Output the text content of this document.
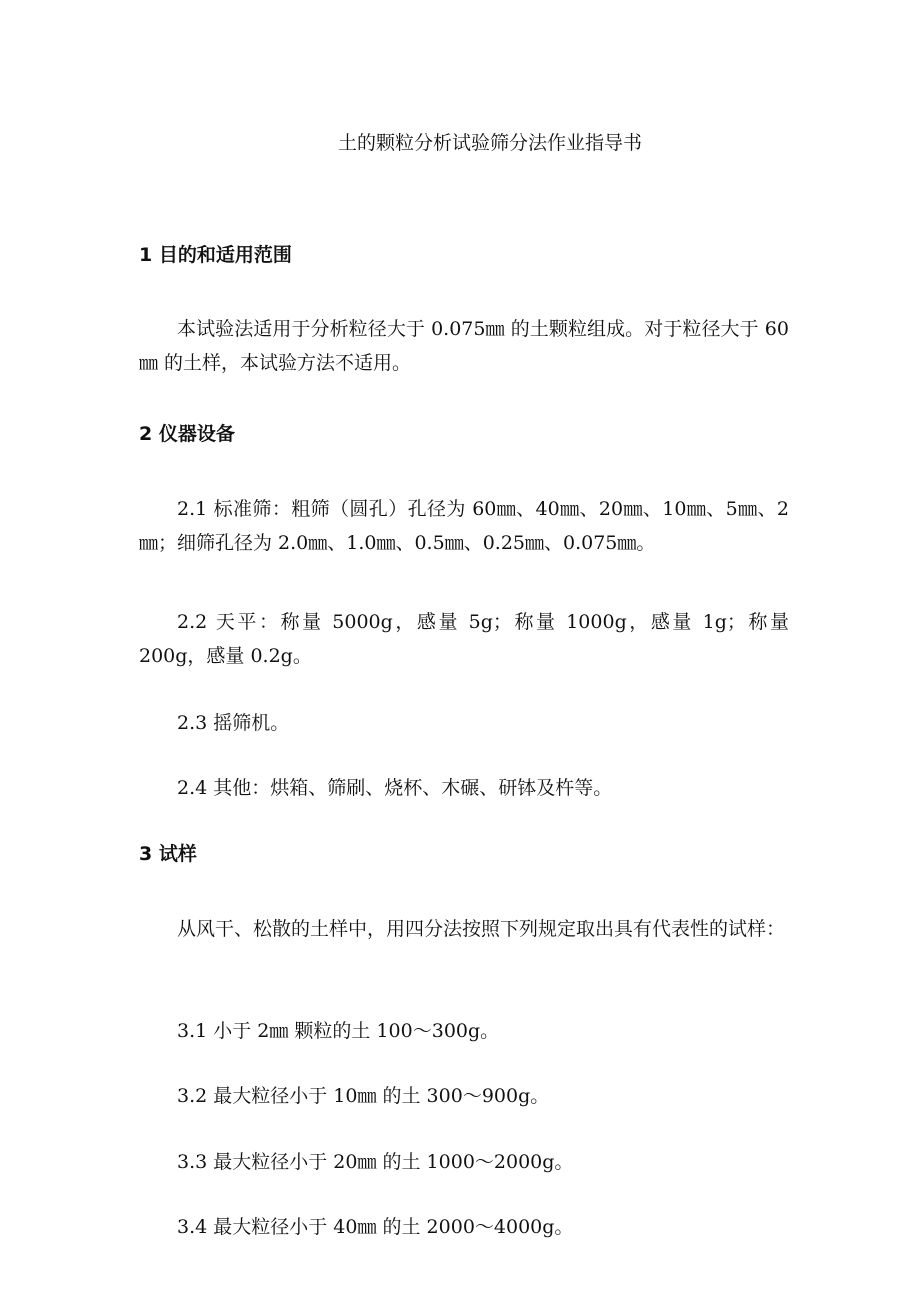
土的颗粒分析试验筛分法作业指导书
1 目的和适用范围
本试验法适用于分析粒径大于 0.075㎜ 的土颗粒组成。对于粒径大于 60㎜ 的土样，本试验方法不适用。
2 仪器设备
2.1 标准筛：粗筛（圆孔）孔径为 60㎜、40㎜、20㎜、10㎜、5㎜、2㎜；细筛孔径为 2.0㎜、1.0㎜、0.5㎜、0.25㎜、0.075㎜。
2.2 天平：称量 5000g，感量 5g；称量 1000g，感量 1g；称量 200g，感量 0.2g。
2.3 摇筛机。
2.4 其他：烘箱、筛刷、烧杯、木碾、研钵及杵等。
3 试样
从风干、松散的土样中，用四分法按照下列规定取出具有代表性的试样：
3.1 小于 2㎜ 颗粒的土 100～300g。
3.2 最大粒径小于 10㎜ 的土 300～900g。
3.3 最大粒径小于 20㎜ 的土 1000～2000g。
3.4 最大粒径小于 40㎜ 的土 2000～4000g。
